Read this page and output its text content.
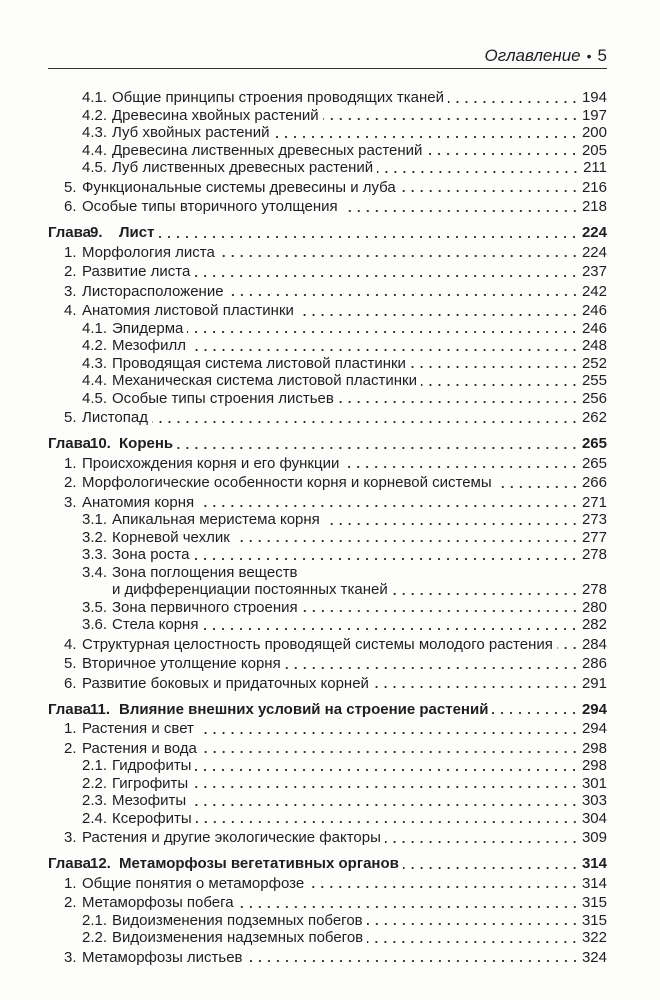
Оглавление • 5
4.1. Общие принципы строения проводящих тканей	194
4.2. Древесина хвойных растений	197
4.3. Луб хвойных растений	200
4.4. Древесина лиственных древесных растений	205
4.5. Луб лиственных древесных растений	211
5. Функциональные системы древесины и луба	216
6. Особые типы вторичного утолщения	218
Глава 9.	Лист	224
1. Морфология листа	224
2. Развитие листа	237
3. Листорасположение	242
4. Анатомия листовой пластинки	246
4.1. Эпидерма	246
4.2. Мезофилл	248
4.3. Проводящая система листовой пластинки	252
4.4. Механическая система листовой пластинки	255
4.5. Особые типы строения листьев	256
5. Листопад	262
Глава 10. Корень	265
1. Происхождения корня и его функции	265
2. Морфологические особенности корня и корневой системы	266
3. Анатомия корня	271
3.1. Апикальная меристема корня	273
3.2. Корневой чехлик	277
3.3. Зона роста	278
3.4. Зона поглощения веществ
и дифференциации постоянных тканей	278
3.5. Зона первичного строения	280
3.6. Стела корня	282
4. Структурная целостность проводящей системы молодого растения 284
5. Вторичное утолщение корня	286
6. Развитие боковых и придаточных корней	291
Глава 11. Влияние внешних условий на строение растений	294
1. Растения и свет	294
2. Растения и вода	298
2.1. Гидрофиты	298
2.2. Гигрофиты	301
2.3. Мезофиты	303
2.4. Ксерофиты	304
3. Растения и другие экологические факторы	309
Глава 12. Метаморфозы вегетативных органов	314
1. Общие понятия о метаморфозе	314
2. Метаморфозы побега	315
2.1. Видоизменения подземных побегов	315
2.2. Видоизменения надземных побегов	322
3. Метаморфозы листьев	324
